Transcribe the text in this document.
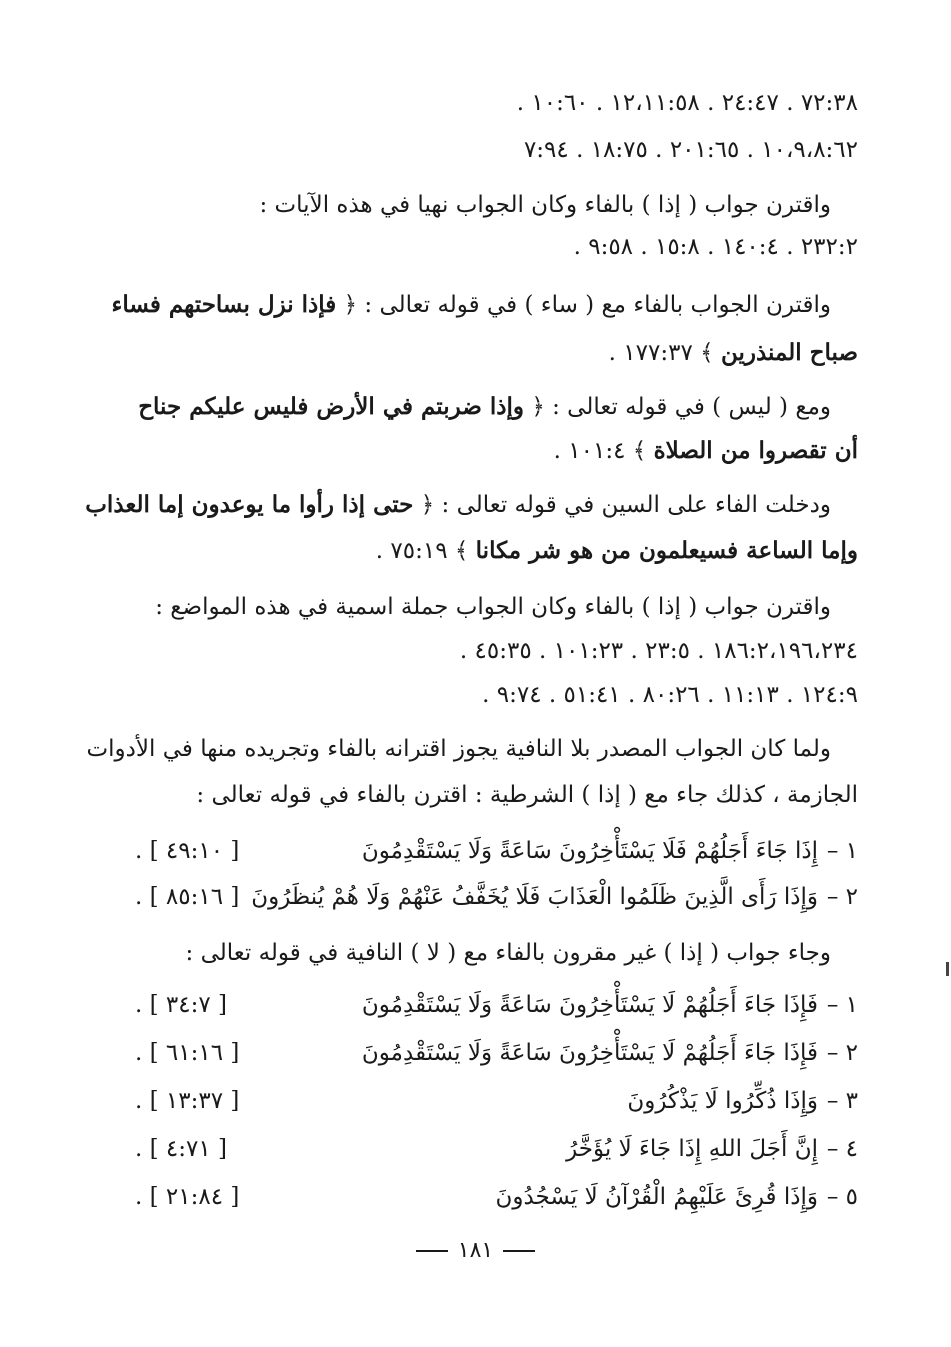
٧٢:٣٨ . ٢٤:٤٧ . ١٢،١١:٥٨ . ١٠:٦٠ .
١٠،٩،٨:٦٢ . ٢٠١:٦٥ . ١٨:٧٥ . ٧:٩٤
واقترن جواب ( إذا ) بالفاء وكان الجواب نهيا في هذه الآيات :
٢٣٢:٢ . ١٤٠:٤ . ١٥:٨ . ٩:٥٨ .
واقترن الجواب بالفاء مع ( ساء ) في قوله تعالى : ﴿ فإذا نزل بساحتهم فساء
صباح المنذرين ﴾ ١٧٧:٣٧ .
ومع ( ليس ) في قوله تعالى : ﴿ وإذا ضربتم في الأرض فليس عليكم جناح
أن تقصروا من الصلاة ﴾ ١٠١:٤ .
ودخلت الفاء على السين في قوله تعالى : ﴿ حتى إذا رأوا ما يوعدون إما العذاب
وإما الساعة فسيعلمون من هو شر مكانا ﴾ ٧٥:١٩ .
واقترن جواب ( إذا ) بالفاء وكان الجواب جملة اسمية في هذه المواضع :
١٨٦:٢،١٩٦،٢٣٤ . ٢٣:٥ . ١٠١:٢٣ . ٤٥:٣٥ .
١٢٤:٩ . ١١:١٣ . ٨٠:٢٦ . ٥١:٤١ . ٩:٧٤ .
ولما كان الجواب المصدر بلا النافية يجوز اقترانه بالفاء وتجريده منها في الأدوات
الجازمة ، كذلك جاء مع ( إذا ) الشرطية : اقترن بالفاء في قوله تعالى :
١ –
إِذَا جَاءَ أَجَلُهُمْ فَلَا يَسْتَأْخِرُونَ سَاعَةً وَلَا يَسْتَقْدِمُونَ
. [ ٤٩:١٠ ]
٢ –
وَإِذَا رَأَى الَّذِينَ ظَلَمُوا الْعَذَابَ فَلَا يُخَفَّفُ عَنْهُمْ وَلَا هُمْ يُنظَرُونَ
. [ ٨٥:١٦ ]
وجاء جواب ( إذا ) غير مقرون بالفاء مع ( لا ) النافية في قوله تعالى :
١ –
فَإِذَا جَاءَ أَجَلُهُمْ لَا يَسْتَأْخِرُونَ سَاعَةً وَلَا يَسْتَقْدِمُونَ
. [ ٣٤:٧ ]
٢ –
فَإِذَا جَاءَ أَجَلُهُمْ لَا يَسْتَأْخِرُونَ سَاعَةً وَلَا يَسْتَقْدِمُونَ
. [ ٦١:١٦ ]
٣ –
وَإِذَا ذُكِّرُوا لَا يَذْكُرُونَ
. [ ١٣:٣٧ ]
٤ –
إِنَّ أَجَلَ اللهِ إِذَا جَاءَ لَا يُؤَخَّرُ
. [ ٤:٧١ ]
٥ –
وَإِذَا قُرِئَ عَلَيْهِمُ الْقُرْآنُ لَا يَسْجُدُونَ
. [ ٢١:٨٤ ]
١٨١
